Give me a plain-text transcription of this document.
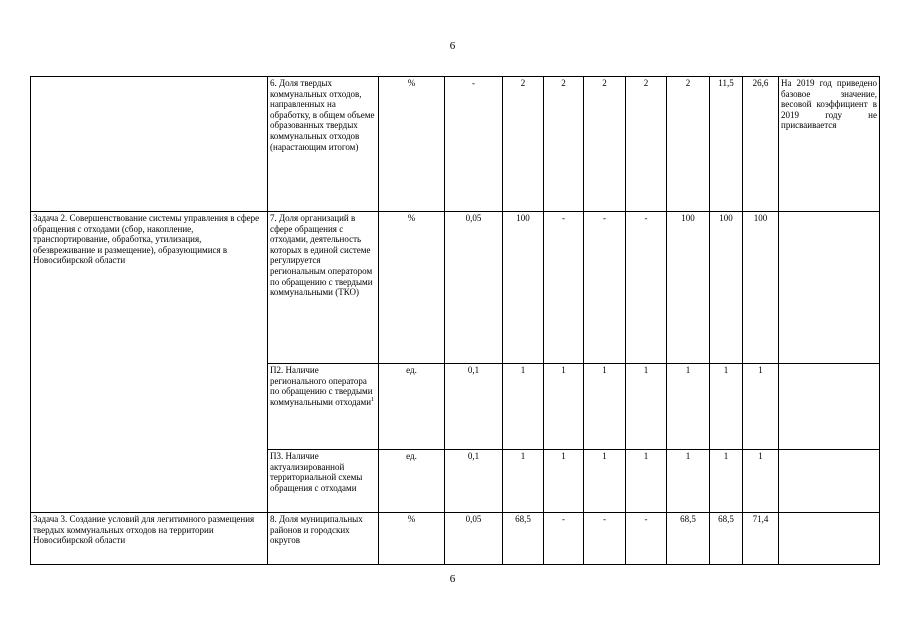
6
	6. Доля твердых коммунальных отходов, направленных на обработку, в общем объеме образованных твердых коммунальных отходов (нарастающим итогом)	%	-	2	2	2	2	2	11,5	26,6	На 2019 год приведено базовое значение, весовой коэффициент в 2019 году не присваивается
Задача 2. Совершенствование системы управления в сфере обращения с отходами (сбор, накопление, транспортирование, обработка, утилизация, обезвреживание и размещение), образующимися в Новосибирской области	7. Доля организаций в сфере обращения с отходами, деятельность которых в единой системе регулируется региональным оператором по обращению с твердыми коммунальными (ТКО)	%	0,05	100	-	-	-	100	100	100	
	П2. Наличие регионального оператора по обращению с твердыми коммунальными отходами$^1$	ед.	0,1	1	1	1	1	1	1	1	
	П3. Наличие актуализированной территориальной схемы обращения с отходами	ед.	0,1	1	1	1	1	1	1	1	
Задача 3. Создание условий для легитимного размещения твердых коммунальных отходов на территории Новосибирской области	8. Доля муниципальных районов и городских округов	%	0,05	68,5	-	-	-	68,5	68,5	71,4	
6
